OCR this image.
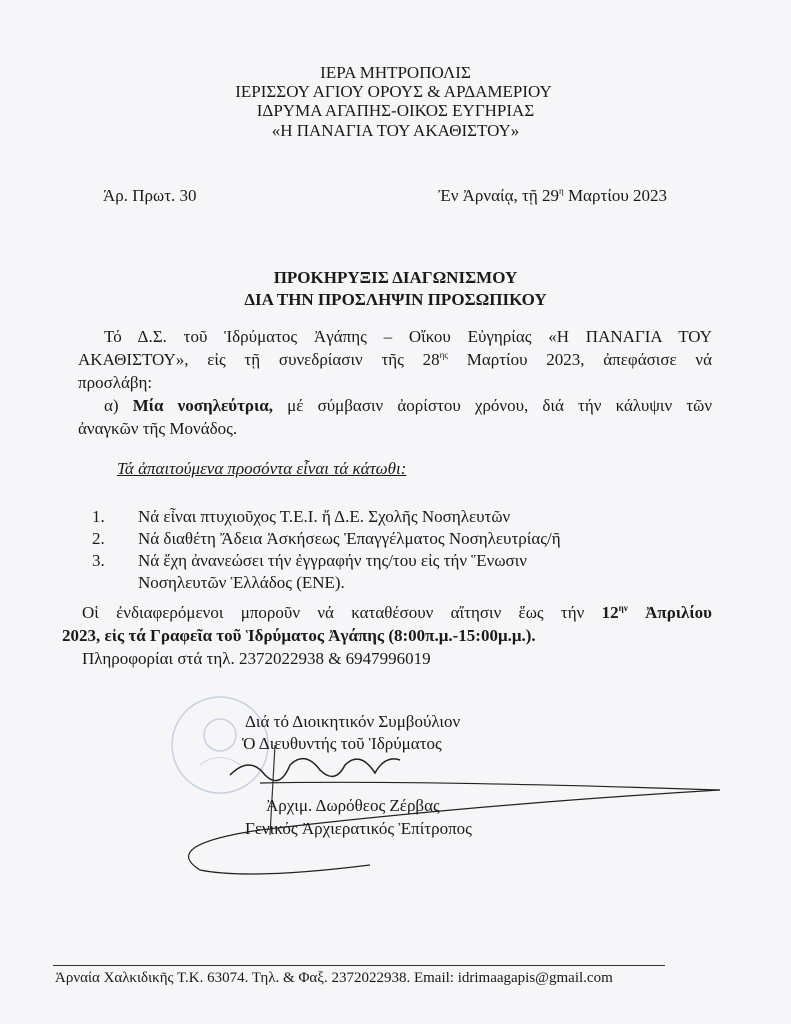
ΙΕΡΑ ΜΗΤΡΟΠΟΛΙΣ
ΙΕΡΙΣΣΟΥ ΑΓΙΟΥ ΟΡΟΥΣ & ΑΡΔΑΜΕΡΙΟΥ
ΙΔΡΥΜΑ ΑΓΑΠΗΣ-ΟΙΚΟΣ ΕΥΓΗΡΙΑΣ
«Η ΠΑΝΑΓΙΑ ΤΟΥ ΑΚΑΘΙΣΤΟΥ»
Άρ. Πρωτ. 30	Ἐν Ἀρναίᾳ, τῇ $29^\eta$ Μαρτίου 2023
ΠΡΟΚΗΡΥΞΙΣ ΔΙΑΓΩΝΙΣΜΟΥ
ΔΙΑ ΤΗΝ ΠΡΟΣΛΗΨΙΝ ΠΡΟΣΩΠΙΚΟΥ
Τό Δ.Σ. τοῦ Ἱδρύματος Ἀγάπης – Οἴκου Εὐγηρίας «Η ΠΑΝΑΓΙΑ ΤΟΥ
ΑΚΑΘΙΣΤΟΥ», εἰς τῇ συνεδρίασιν τῆς $28^{\eta\varsigma}$ Μαρτίου 2023, ἀπεφάσισε νά
προσλάβη:
α) Μία νοσηλεύτρια, μέ σύμβασιν ἀορίστου χρόνου, διά τήν κάλυψιν τῶν
ἀναγκῶν τῆς Μονάδος.
Τά ἀπαιτούμενα προσόντα εἶναι τά κάτωθι:
1. Νά εἶναι πτυχιοῦχος Τ.Ε.Ι. ἤ Δ.Ε. Σχολῆς Νοσηλευτῶν
2. Νά διαθέτη Ἄδεια Ἀσκήσεως Ἐπαγγέλματος Νοσηλευτρίας/ῆ
3. Νά ἔχη ἀνανεώσει τήν ἐγγραφήν της/του εἰς τήν Ἕνωσιν
Νοσηλευτῶν Ἑλλάδος (ΕΝΕ).
Οἱ ἐνδιαφερόμενοι μποροῦν νά καταθέσουν αἴτησιν ἕως τήν $12^{\eta\nu}$ Ἀπριλίου
2023, εἰς τά Γραφεῖα τοῦ Ἱδρύματος Ἀγάπης (8:00π.μ.-15:00μ.μ.).
Πληροφορίαι στά τηλ. 2372022938 & 6947996019
Διά τό Διοικητικόν Συμβούλιον
Ὁ Διευθυντής τοῦ Ἱδρύματος
Ἀρχιμ. Δωρόθεος Ζέρβας
Γενικός Ἀρχιερατικός Ἐπίτροπος
Ἀρναία Χαλκιδικῆς Τ.Κ. 63074. Τηλ. & Φαξ. 2372022938. Email: idrimaagapis@gmail.com
